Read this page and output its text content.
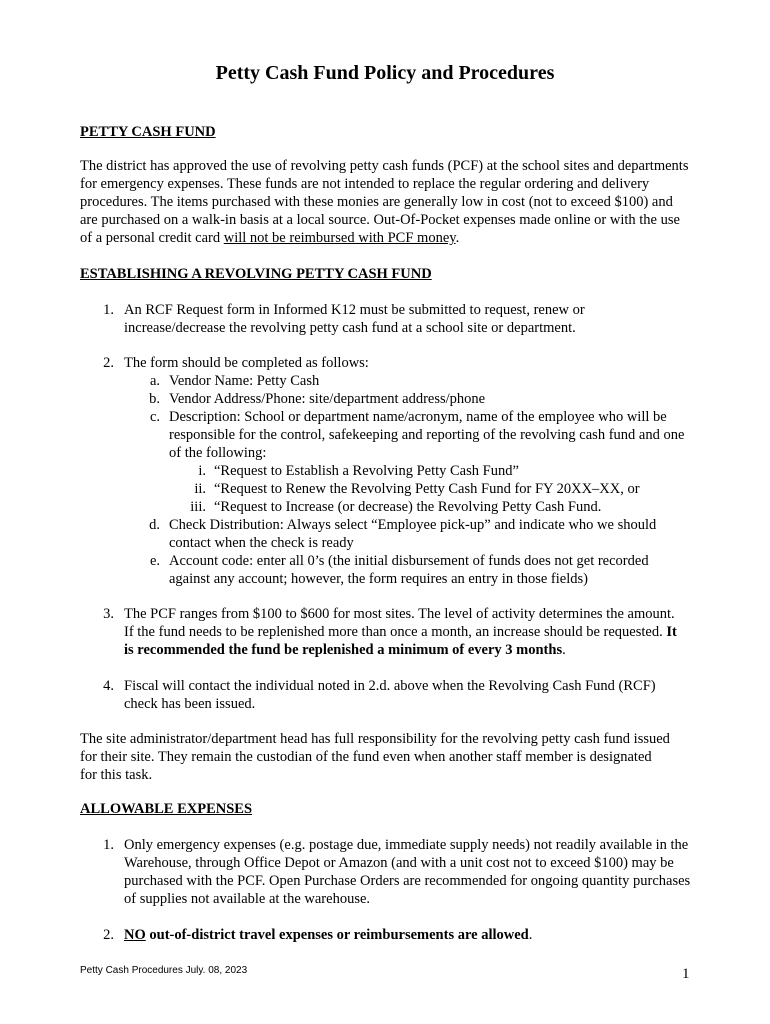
Petty Cash Fund Policy and Procedures
PETTY CASH FUND
The district has approved the use of revolving petty cash funds (PCF) at the school sites and departments for emergency expenses. These funds are not intended to replace the regular ordering and delivery procedures. The items purchased with these monies are generally low in cost (not to exceed $100) and are purchased on a walk-in basis at a local source. Out-Of-Pocket expenses made online or with the use of a personal credit card will not be reimbursed with PCF money.
ESTABLISHING A REVOLVING PETTY CASH FUND
1. An RCF Request form in Informed K12 must be submitted to request, renew or increase/decrease the revolving petty cash fund at a school site or department.
2. The form should be completed as follows:
a. Vendor Name: Petty Cash
b. Vendor Address/Phone: site/department address/phone
c. Description: School or department name/acronym, name of the employee who will be responsible for the control, safekeeping and reporting of the revolving cash fund and one of the following:
i. “Request to Establish a Revolving Petty Cash Fund”
ii. “Request to Renew the Revolving Petty Cash Fund for FY 20XX–XX, or
iii. “Request to Increase (or decrease) the Revolving Petty Cash Fund.
d. Check Distribution: Always select “Employee pick-up” and indicate who we should contact when the check is ready
e. Account code: enter all 0’s (the initial disbursement of funds does not get recorded against any account; however, the form requires an entry in those fields)
3. The PCF ranges from $100 to $600 for most sites. The level of activity determines the amount. If the fund needs to be replenished more than once a month, an increase should be requested. It is recommended the fund be replenished a minimum of every 3 months.
4. Fiscal will contact the individual noted in 2.d. above when the Revolving Cash Fund (RCF) check has been issued.
The site administrator/department head has full responsibility for the revolving petty cash fund issued for their site. They remain the custodian of the fund even when another staff member is designated for this task.
ALLOWABLE EXPENSES
1. Only emergency expenses (e.g. postage due, immediate supply needs) not readily available in the Warehouse, through Office Depot or Amazon (and with a unit cost not to exceed $100) may be purchased with the PCF. Open Purchase Orders are recommended for ongoing quantity purchases of supplies not available at the warehouse.
2. NO out-of-district travel expenses or reimbursements are allowed.
Petty Cash Procedures July. 08, 2023	1
